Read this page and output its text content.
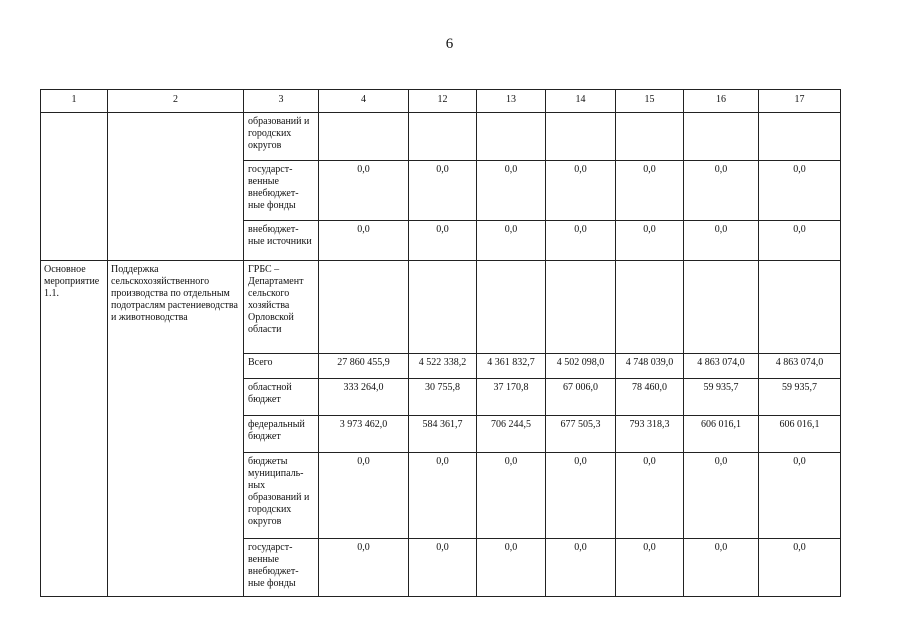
6
1	2	3	4	12	13	14	15	16	17
		образований и городских округов							
		государст-венные внебюджет-ные фонды	0,0	0,0	0,0	0,0	0,0	0,0	0,0
		внебюджет-ные источники	0,0	0,0	0,0	0,0	0,0	0,0	0,0
Основное мероприятие 1.1.	Поддержка сельскохозяйственного производства по отдельным подотраслям растениеводства и животноводства	ГРБС – Департамент сельского хозяйства Орловской области							
		Всего	27 860 455,9	4 522 338,2	4 361 832,7	4 502 098,0	4 748 039,0	4 863 074,0	4 863 074,0
		областной бюджет	333 264,0	30 755,8	37 170,8	67 006,0	78 460,0	59 935,7	59 935,7
		федеральный бюджет	3 973 462,0	584 361,7	706 244,5	677 505,3	793 318,3	606 016,1	606 016,1
		бюджеты муниципаль-ных образований и городских округов	0,0	0,0	0,0	0,0	0,0	0,0	0,0
		государст-венные внебюджет-ные фонды	0,0	0,0	0,0	0,0	0,0	0,0	0,0
